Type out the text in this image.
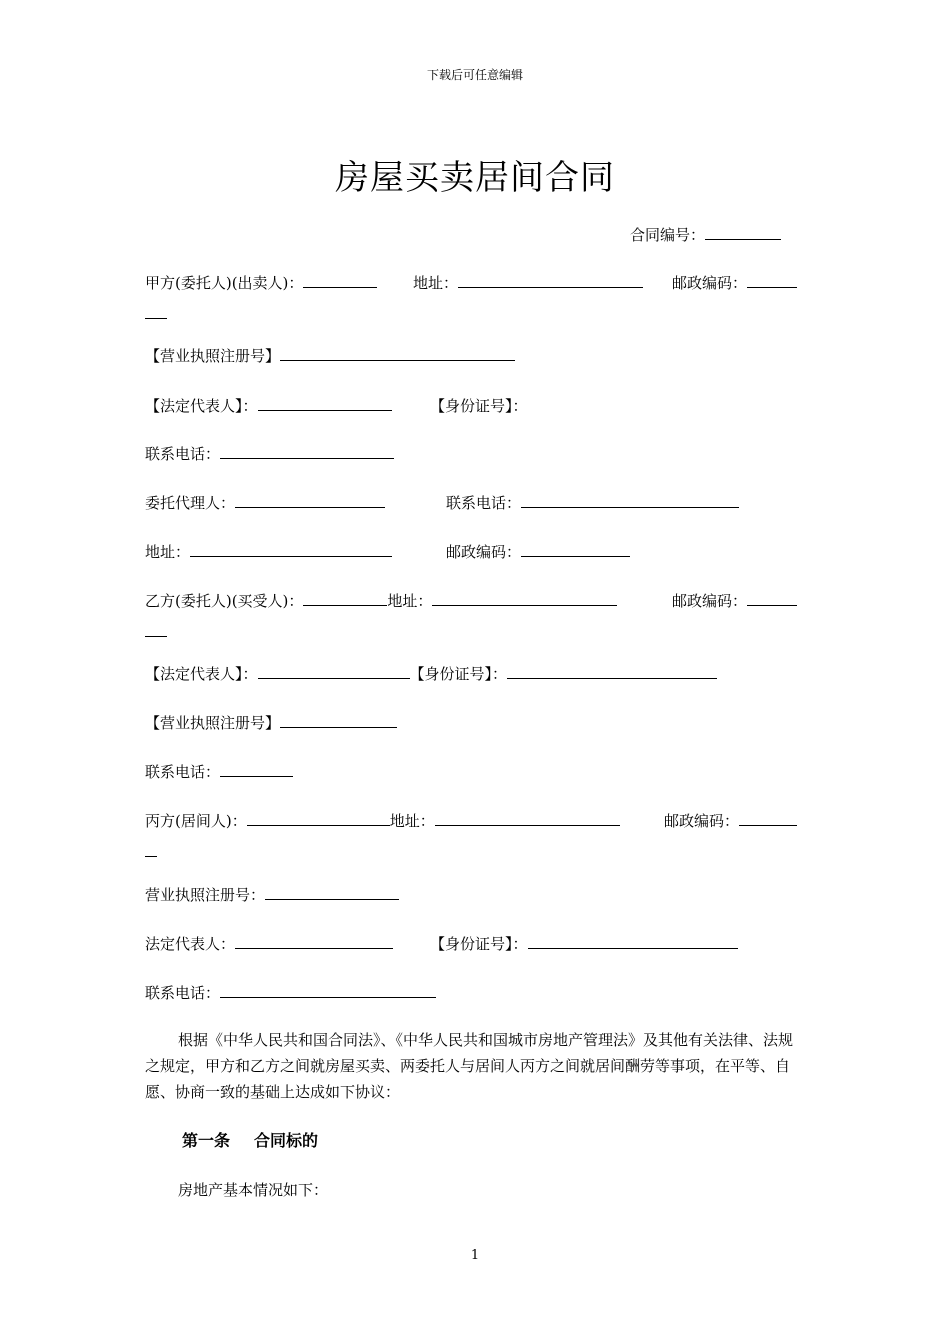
下载后可任意编辑
房屋买卖居间合同
合同编号：
甲方(委托人)(出卖人)：	地址：	邮政编码：
【营业执照注册号】
【法定代表人】：	【身份证号】：
联系电话：
委托代理人：	联系电话：
地址：	邮政编码：
乙方(委托人)(买受人)：	地址：	邮政编码：
【法定代表人】：	【身份证号】：
【营业执照注册号】
联系电话：
丙方(居间人)：	地址：	邮政编码：
营业执照注册号：
法定代表人：	【身份证号】：
联系电话：
根据《中华人民共和国合同法》、《中华人民共和国城市房地产管理法》及其他有关法律、法规之规定，甲方和乙方之间就房屋买卖、两委托人与居间人丙方之间就居间酬劳等事项，在平等、自愿、协商一致的基础上达成如下协议：
第一条 合同标的
房地产基本情况如下：
1
